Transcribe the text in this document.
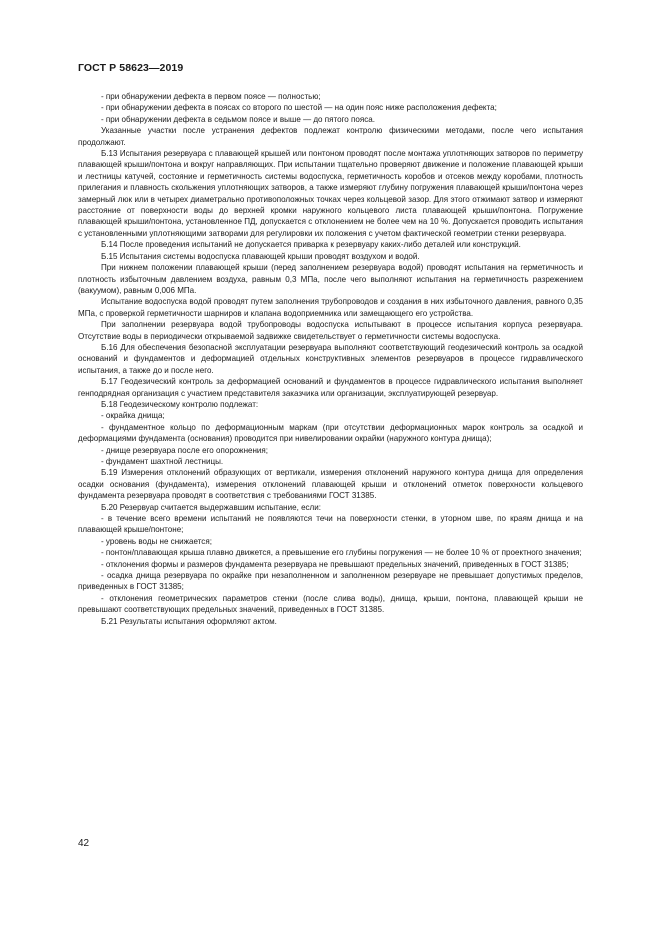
ГОСТ Р 58623—2019

- при обнаружении дефекта в первом поясе — полностью;

- при обнаружении дефекта в поясах со второго по шестой — на один пояс ниже расположения дефекта;

- при обнаружении дефекта в седьмом поясе и выше — до пятого пояса.

Указанные участки после устранения дефектов подлежат контролю физическими методами, после чего испытания продолжают.

Б.13 Испытания резервуара с плавающей крышей или понтоном проводят после монтажа уплотняющих затворов по периметру плавающей крыши/понтона и вокруг направляющих. При испытании тщательно проверяют движение и положение плавающей крыши и лестницы катучей, состояние и герметичность системы водоспуска, герметичность коробов и отсеков между коробами, плотность прилегания и плавность скольжения уплотняющих затворов, а также измеряют глубину погружения плавающей крыши/понтона через замерный люк или в четырех диаметрально противоположных точках через кольцевой зазор. Для этого отжимают затвор и измеряют расстояние от поверхности воды до верхней кромки наружного кольцевого листа плавающей крыши/понтона. Погружение плавающей крыши/понтона, установленное ПД, допускается с отклонением не более чем на 10 %. Допускается проводить испытания с установленными уплотняющими затворами для регулировки их положения с учетом фактической геометрии стенки резервуара.

Б.14 После проведения испытаний не допускается приварка к резервуару каких-либо деталей или конструкций.

Б.15 Испытания системы водоспуска плавающей крыши проводят воздухом и водой.

При нижнем положении плавающей крыши (перед заполнением резервуара водой) проводят испытания на герметичность и плотность избыточным давлением воздуха, равным 0,3 МПа, после чего выполняют испытания на герметичность разрежением (вакуумом), равным 0,006 МПа.

Испытание водоспуска водой проводят путем заполнения трубопроводов и создания в них избыточного давления, равного 0,35 МПа, с проверкой герметичности шарниров и клапана водоприемника или замещающего его устройства.

При заполнении резервуара водой трубопроводы водоспуска испытывают в процессе испытания корпуса резервуара. Отсутствие воды в периодически открываемой задвижке свидетельствует о герметичности системы водоспуска.

Б.16 Для обеспечения безопасной эксплуатации резервуара выполняют соответствующий геодезический контроль за осадкой оснований и фундаментов и деформацией отдельных конструктивных элементов резервуаров в процессе гидравлического испытания, а также до и после него.

Б.17 Геодезический контроль за деформацией оснований и фундаментов в процессе гидравлического испытания выполняет генподрядная организация с участием представителя заказчика или организации, эксплуатирующей резервуар.

Б.18 Геодезическому контролю подлежат:

- окрайка днища;

- фундаментное кольцо по деформационным маркам (при отсутствии деформационных марок контроль за осадкой и деформациями фундамента (основания) проводится при нивелировании окрайки (наружного контура днища);

- днище резервуара после его опорожнения;

- фундамент шахтной лестницы.

Б.19 Измерения отклонений образующих от вертикали, измерения отклонений наружного контура днища для определения осадки основания (фундамента), измерения отклонений плавающей крыши и отклонений отметок поверхности кольцевого фундамента резервуара проводят в соответствия с требованиями ГОСТ 31385.

Б.20 Резервуар считается выдержавшим испытание, если:

- в течение всего времени испытаний не появляются течи на поверхности стенки, в уторном шве, по краям днища и на плавающей крыше/понтоне;

- уровень воды не снижается;

- понтон/плавающая крыша плавно движется, а превышение его глубины погружения — не более 10 % от проектного значения;

- отклонения формы и размеров фундамента резервуара не превышают предельных значений, приведенных в ГОСТ 31385;

- осадка днища резервуара по окрайке при незаполненном и заполненном резервуаре не превышает допустимых пределов, приведенных в ГОСТ 31385;

- отклонения геометрических параметров стенки (после слива воды), днища, крыши, понтона, плавающей крыши не превышают соответствующих предельных значений, приведенных в ГОСТ 31385.

Б.21 Результаты испытания оформляют актом.

42
